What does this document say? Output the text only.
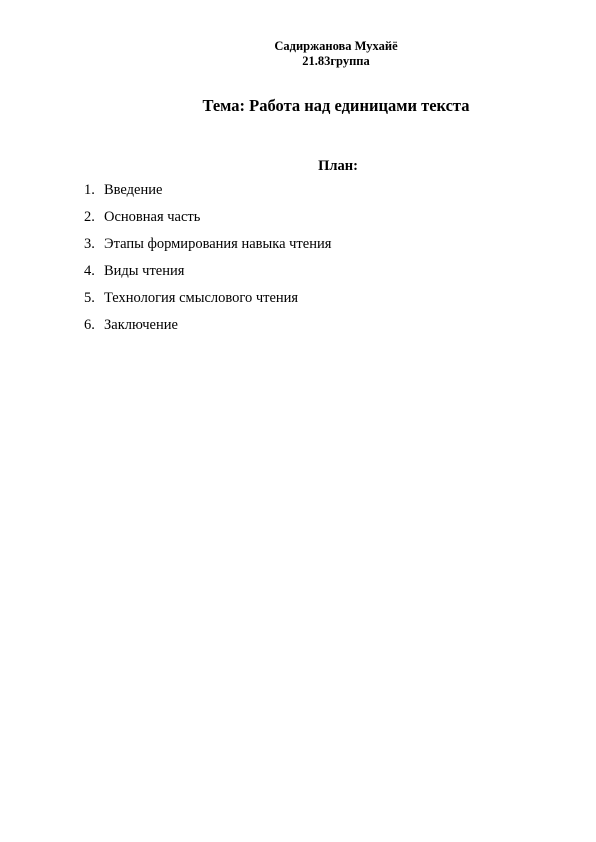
Садиржанова Мухайё
21.83группа
Тема: Работа над единицами текста
План:
1. Введение
2. Основная часть
3. Этапы формирования навыка чтения
4. Виды чтения
5. Технология смыслового чтения
6. Заключение
